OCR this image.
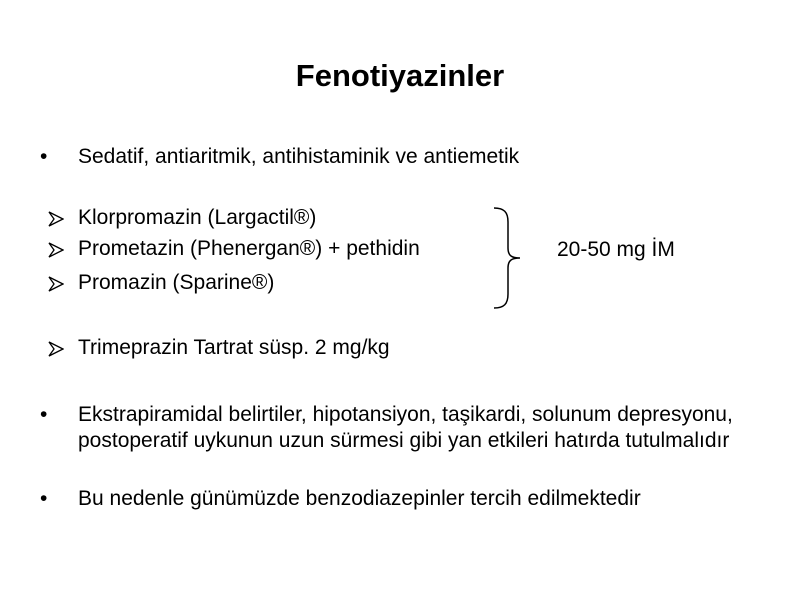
Fenotiyazinler
• Sedatif, antiaritmik, antihistaminik ve antiemetik
Klorpromazin (Largactil®)
Prometazin (Phenergan®) + pethidin
Promazin (Sparine®)
20-50 mg İM
Trimeprazin Tartrat süsp. 2 mg/kg
• Ekstrapiramidal belirtiler, hipotansiyon, taşikardi, solunum depresyonu, postoperatif uykunun uzun sürmesi gibi yan etkileri hatırda tutulmalıdır
• Bu nedenle günümüzde benzodiazepinler tercih edilmektedir
